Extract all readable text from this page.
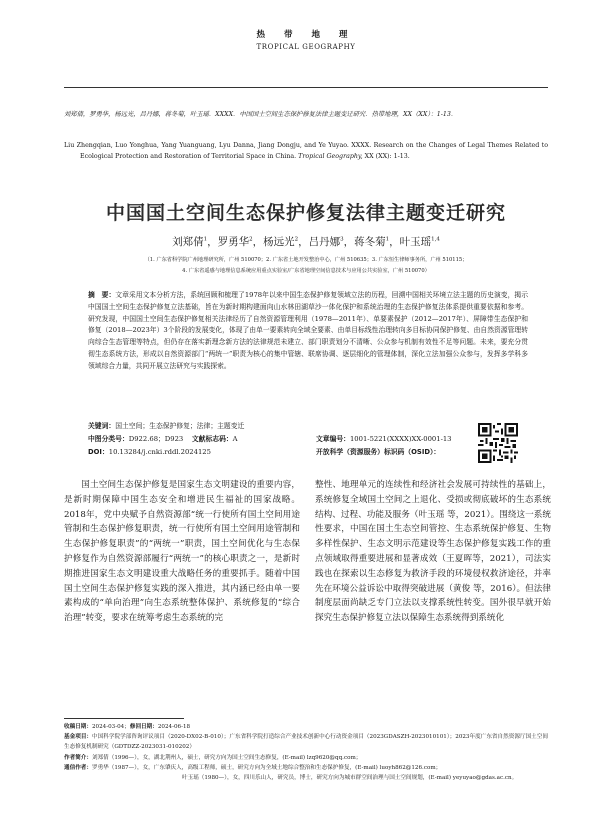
热 带 地 理
TROPICAL GEOGRAPHY
刘郑倩，罗勇华，杨远光，吕丹娜，蒋冬菊，叶玉瑶．XXXX．中国国土空间生态保护修复法律主题变迁研究．热带地理，XX（XX）：1-13．
Liu Zhengqian, Luo Yonghua, Yang Yuanguang, Lyu Danna, Jiang Dongju, and Ye Yuyao. XXXX. Research on the Changes of Legal Themes Related to Ecological Protection and Restoration of Territorial Space in China. Tropical Geography, XX (XX): 1-13.
中国国土空间生态保护修复法律主题变迁研究
刘郑倩$^1$，罗勇华$^2$，杨远光$^2$，吕丹娜$^3$，蒋冬菊$^1$，叶玉瑶$^{1,4}$
（1. 广东省科学院广州地理研究所，广州 510070；2. 广东省土地开发整治中心，广州 510635；3. 广东恒生律师事务所，广州 510115；
4. 广东省遥感与地理信息系统应用重点实验室/广东省地理空间信息技术与应用公共实验室，广州 510070）
摘　要：文章采用文本分析方法，系统回顾和梳理了1978年以来中国生态保护修复领域立法的历程，回溯中国相关环境立法主题的历史演变，揭示中国国土空间生态保护修复立法基础，旨在为新时期构建面向山水林田湖草沙一体化保护和系统治理的生态保护修复法体系提供重要依据和参考。研究发现，中国国土空间生态保护修复相关法律经历了自然资源管理利用（1978—2011年）、单要素保护（2012—2017年）、屏障带生态保护和修复（2018—2023年）3个阶段的发展变化，体现了由单一要素转向全域全要素、由单目标线性治理转向多目标协同保护修复、由自然资源管理转向综合生态管理等特点，但仍存在落实新理念新方法的法律规范未建立、部门职责划分不清晰、公众参与机制有效性不足等问题。未来，要充分贯彻生态系统方法，形成以自然资源部门“两统一”职责为核心的集中管辖、联席协调、逐层细化的管理体制，深化立法加强公众参与，发挥多学科多领域综合力量，共同开展立法研究与实践探索。
关键词：国土空间；生态保护修复；法律；主题变迁
中图分类号：D922.68；D923 文献标志码：A
DOI：10.13284/j.cnki.rddl.2024125
文章编号：1001-5221(XXXX)XX-0001-13
开放科学（资源服务）标识码（OSID）：

国土空间生态保护修复是国家生态文明建设的重要内容，是新时期保障中国生态安全和增进民生福祉的国家战略。2018年，党中央赋予自然资源部“统一行使所有国土空间用途管制和生态保护修复职责，统一行使所有国土空间用途管制和生态保护修复职责”的“两统一”职责，国土空间优化与生态保护修复作为自然资源部履行“两统一”的核心职责之一，是新时期推进国家生态文明建设重大战略任务的重要抓手。随着中国国土空间生态保护修复实践的深入推进，其内涵已经由单一要素构成的“单向治理”向生态系统整体保护、系统修复的“综合治理”转变，要求在统筹考虑生态系统的完

整性、地理单元的连续性和经济社会发展可持续性的基础上，系统修复全域国土空间之上退化、受损或彻底破坏的生态系统结构、过程、功能及服务（叶玉瑶 等，2021）。围绕这一系统性要求，中国在国土生态空间管控、生态系统保护修复、生物多样性保护、生态文明示范建设等生态保护修复实践工作的重点领域取得重要进展和显著成效（王夏晖等，2021），司法实践也在探索以生态修复为救济手段的环境侵权救济途径，并率先在环境公益诉讼中取得突破进展（黄俊 等，2016）。但法律制度层面尚缺乏专门立法以支撑系统性转变。国外很早就开始探究生态保护修复立法以保障生态系统得到系统化

收稿日期：2024-03-04；修回日期：2024-06-18
基金项目：中国科学院学部咨询评议项目（2020-DX02-B-010）；广东省科学院打造综合产业技术创新中心行动资金项目（2023GDASZH-2023010101）；2023年度广东省自然资源厅国土空间生态修复机制研究（GDTDZZ-2023031-010202）
作者简介：刘郑倩（1996—），女，湖北荆州人，硕士，研究方向为国土空间生态修复，(E-mail) lzq9620@qq.com；
通信作者：罗勇华（1987—），女，广东肇庆人，高级工程师，硕士，研究方向为全域土地综合整治和生态保护修复，(E-mail) luoyh862@126.com；
叶玉瑶（1980—），女，四川乐山人，研究员，博士，研究方向为城市群空间治理与国土空间规划，(E-mail) yeyuyao@gdas.ac.cn。
